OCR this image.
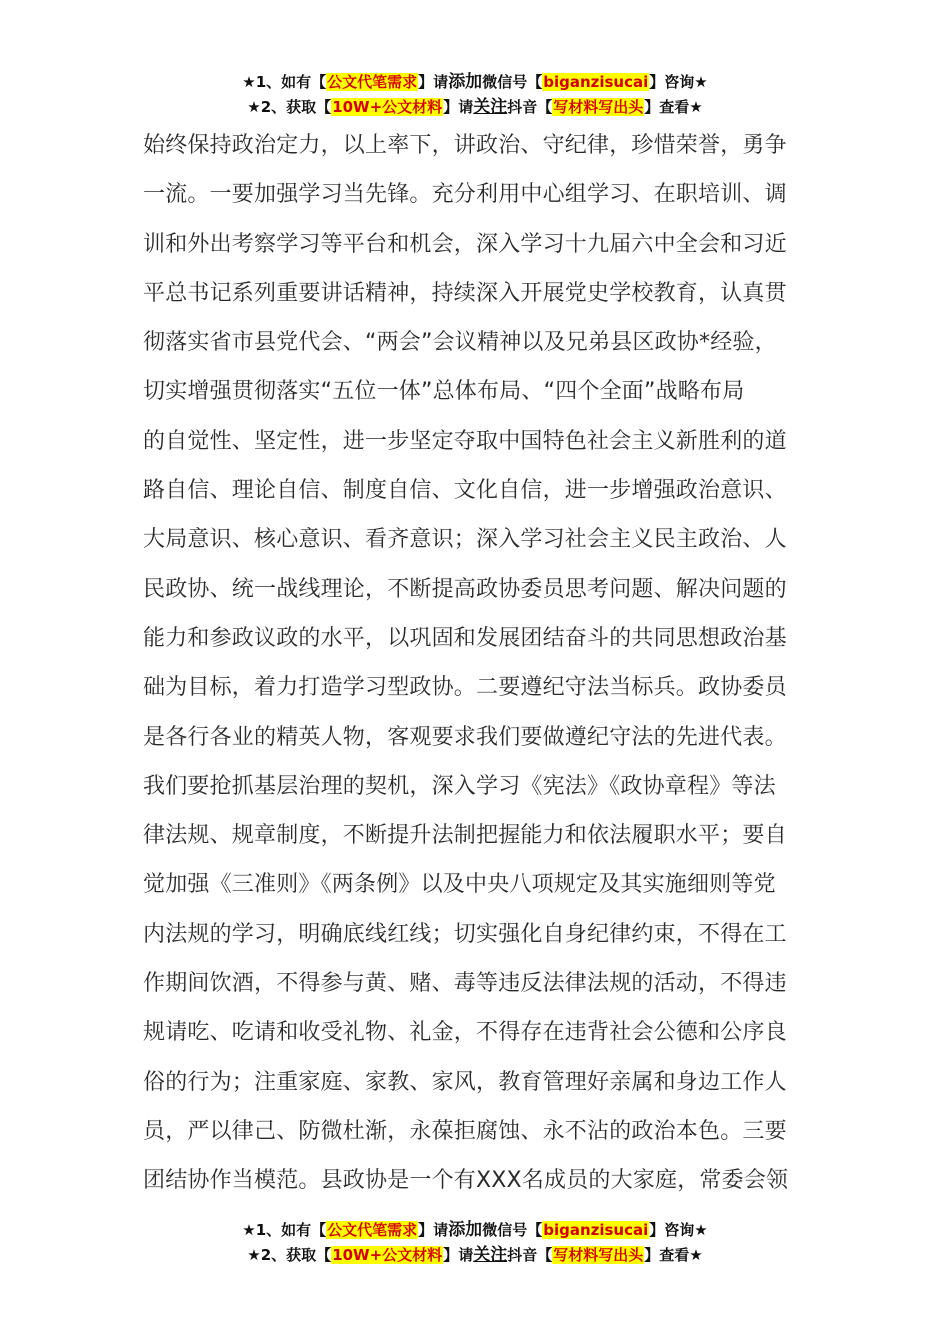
★1、如有【公文代笔需求】请添加微信号【biganzisucai】咨询★
★2、获取【10W+公文材料】请关注抖音【写材料写出头】查看★
始终保持政治定力，以上率下，讲政治、守纪律，珍惜荣誉，勇争
一流。一要加强学习当先锋。充分利用中心组学习、在职培训、调
训和外出考察学习等平台和机会，深入学习十九届六中全会和习近
平总书记系列重要讲话精神，持续深入开展党史学校教育，认真贯
彻落实省市县党代会、“两会”会议精神以及兄弟县区政协*经验，
切实增强贯彻落实“五位一体”总体布局、“四个全面”战略布局
的自觉性、坚定性，进一步坚定夺取中国特色社会主义新胜利的道
路自信、理论自信、制度自信、文化自信，进一步增强政治意识、
大局意识、核心意识、看齐意识；深入学习社会主义民主政治、人
民政协、统一战线理论，不断提高政协委员思考问题、解决问题的
能力和参政议政的水平，以巩固和发展团结奋斗的共同思想政治基
础为目标，着力打造学习型政协。二要遵纪守法当标兵。政协委员
是各行各业的精英人物，客观要求我们要做遵纪守法的先进代表。
我们要抢抓基层治理的契机，深入学习《宪法》《政协章程》等法
律法规、规章制度，不断提升法制把握能力和依法履职水平；要自
觉加强《三准则》《两条例》以及中央八项规定及其实施细则等党
内法规的学习，明确底线红线；切实强化自身纪律约束，不得在工
作期间饮酒，不得参与黄、赌、毒等违反法律法规的活动，不得违
规请吃、吃请和收受礼物、礼金，不得存在违背社会公德和公序良
俗的行为；注重家庭、家教、家风，教育管理好亲属和身边工作人
员，严以律己、防微杜渐，永葆拒腐蚀、永不沾的政治本色。三要
团结协作当模范。县政协是一个有XXX名成员的大家庭，常委会领
★1、如有【公文代笔需求】请添加微信号【biganzisucai】咨询★
★2、获取【10W+公文材料】请关注抖音【写材料写出头】查看★
